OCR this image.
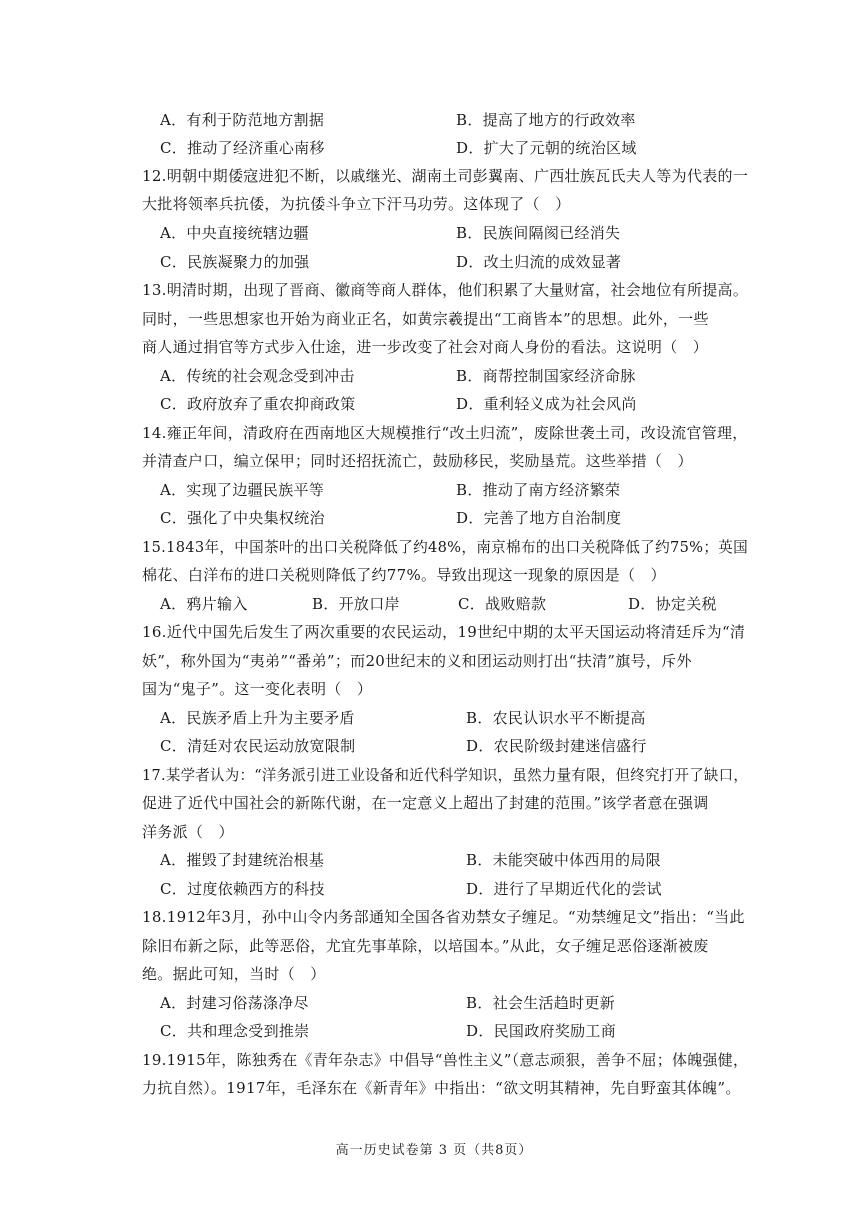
A．有利于防范地方割据	B．提高了地方的行政效率
C．推动了经济重心南移	D．扩大了元朝的统治区域
12.明朝中期倭寇进犯不断，以戚继光、湖南土司彭翼南、广西壮族瓦氏夫人等为代表的一
大批将领率兵抗倭，为抗倭斗争立下汗马功劳。这体现了（　）
A．中央直接统辖边疆	B．民族间隔阂已经消失
C．民族凝聚力的加强	D．改土归流的成效显著
13.明清时期，出现了晋商、徽商等商人群体，他们积累了大量财富，社会地位有所提高。
同时，一些思想家也开始为商业正名，如黄宗羲提出“工商皆本”的思想。此外，一些
商人通过捐官等方式步入仕途，进一步改变了社会对商人身份的看法。这说明（　）
A．传统的社会观念受到冲击	B．商帮控制国家经济命脉
C．政府放弃了重农抑商政策	D．重利轻义成为社会风尚
14.雍正年间，清政府在西南地区大规模推行“改土归流”，废除世袭土司，改设流官管理，
并清查户口，编立保甲；同时还招抚流亡，鼓励移民，奖励垦荒。这些举措（　）
A．实现了边疆民族平等	B．推动了南方经济繁荣
C．强化了中央集权统治	D．完善了地方自治制度
15.1843年，中国茶叶的出口关税降低了约48%，南京棉布的出口关税降低了约75%；英国
棉花、白洋布的进口关税则降低了约77%。导致出现这一现象的原因是（　）
A．鸦片输入	B．开放口岸	C．战败赔款	D．协定关税
16.近代中国先后发生了两次重要的农民运动，19世纪中期的太平天国运动将清廷斥为“清
妖”，称外国为“夷弟”“番弟”；而20世纪末的义和团运动则打出“扶清”旗号，斥外
国为“鬼子”。这一变化表明（　）
A．民族矛盾上升为主要矛盾	B．农民认识水平不断提高
C．清廷对农民运动放宽限制	D．农民阶级封建迷信盛行
17.某学者认为：“洋务派引进工业设备和近代科学知识，虽然力量有限，但终究打开了缺口，
促进了近代中国社会的新陈代谢，在一定意义上超出了封建的范围。”该学者意在强调
洋务派（　）
A．摧毁了封建统治根基	B．未能突破中体西用的局限
C．过度依赖西方的科技	D．进行了早期近代化的尝试
18.1912年3月，孙中山令内务部通知全国各省劝禁女子缠足。“劝禁缠足文”指出：“当此
除旧布新之际，此等恶俗，尤宜先事革除，以培国本。”从此，女子缠足恶俗逐渐被废
绝。据此可知，当时（　）
A．封建习俗荡涤净尽	B．社会生活趋时更新
C．共和理念受到推崇	D．民国政府奖励工商
19.1915年，陈独秀在《青年杂志》中倡导“兽性主义”（意志顽狠，善争不屈；体魄强健，
力抗自然）。1917年，毛泽东在《新青年》中指出：“欲文明其精神，先自野蛮其体魄”。
高一历史试卷第 3 页（共8页）
